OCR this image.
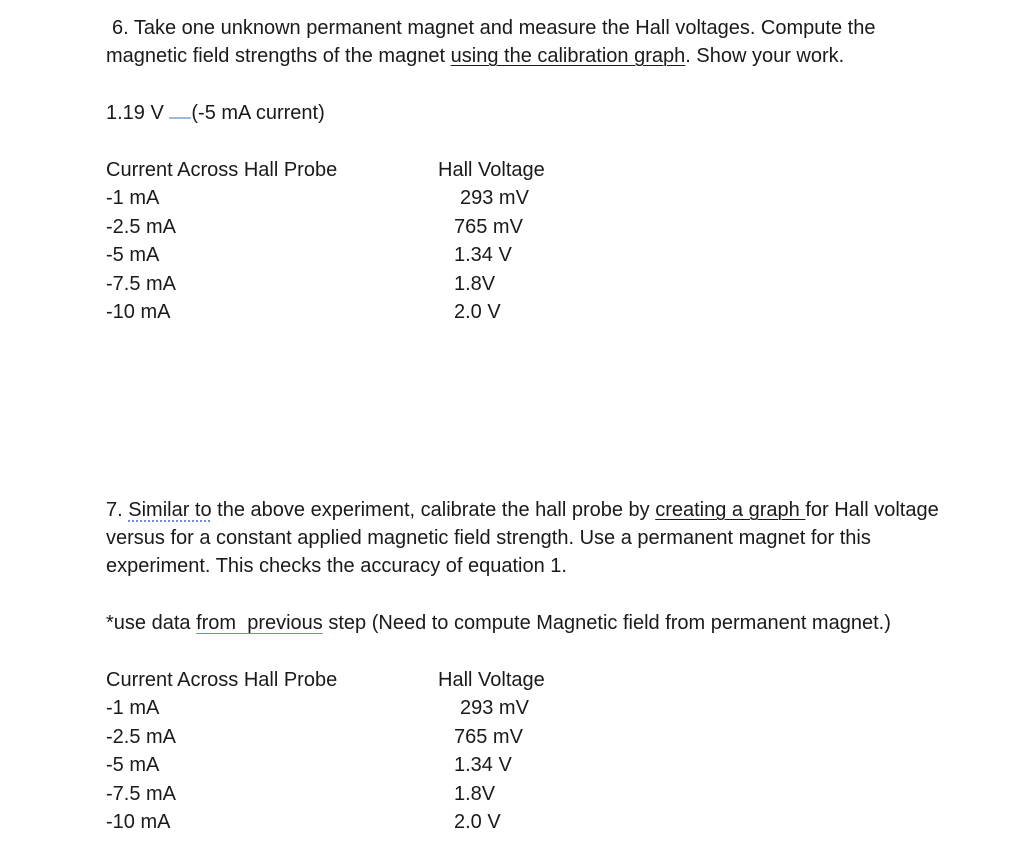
6. Take one unknown permanent magnet and measure the Hall voltages. Compute the

magnetic field strengths of the magnet using the calibration graph. Show your work.

1.19 V (-5 mA current)

Current Across Hall Probe	Hall Voltage
-1 mA	293 mV
-2.5 mA	765 mV
-5 mA	1.34 V
-7.5 mA	1.8V
-10 mA	2.0 V

7. Similar to the above experiment, calibrate the hall probe by creating a graph for Hall voltage

versus for a constant applied magnetic field strength. Use a permanent magnet for this

experiment. This checks the accuracy of equation 1.

*use data from  previous step (Need to compute Magnetic field from permanent magnet.)

Current Across Hall Probe	Hall Voltage
-1 mA	293 mV
-2.5 mA	765 mV
-5 mA	1.34 V
-7.5 mA	1.8V
-10 mA	2.0 V
